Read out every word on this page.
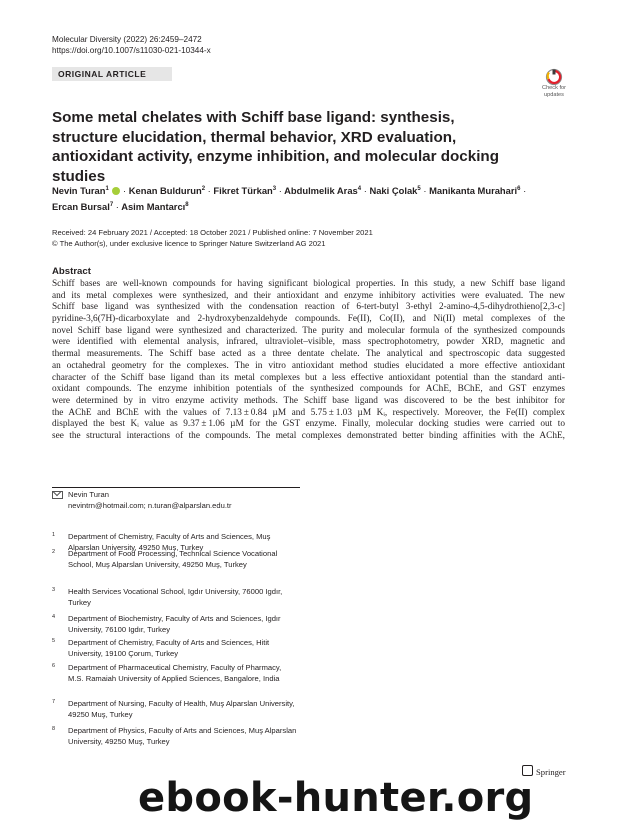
Molecular Diversity (2022) 26:2459–2472
https://doi.org/10.1007/s11030-021-10344-x
ORIGINAL ARTICLE
Check for
updates
Some metal chelates with Schiff base ligand: synthesis, structure elucidation, thermal behavior, XRD evaluation, antioxidant activity, enzyme inhibition, and molecular docking studies
Nevin Turan$^1$ · Kenan Buldurun$^2$ · Fikret Türkan$^3$ · Abdulmelik Aras$^4$ · Naki Çolak$^5$ · Manikanta Murahari$^6$ ·
Ercan Bursal$^7$ · Asim Mantarcı$^8$
Received: 24 February 2021 / Accepted: 18 October 2021 / Published online: 7 November 2021
© The Author(s), under exclusive licence to Springer Nature Switzerland AG 2021
Abstract
Schiff bases are well-known compounds for having significant biological properties. In this study, a new Schiff base ligand
and its metal complexes were synthesized, and their antioxidant and enzyme inhibitory activities were evaluated. The new
Schiff base ligand was synthesized with the condensation reaction of 6-tert-butyl 3-ethyl 2-amino-4,5-dihydrothieno[2,3-c]
pyridine-3,6(7H)-dicarboxylate and 2-hydroxybenzaldehyde compounds. Fe(II), Co(II), and Ni(II) metal complexes of the
novel Schiff base ligand were synthesized and characterized. The purity and molecular formula of the synthesized compounds
were identified with elemental analysis, infrared, ultraviolet–visible, mass spectrophotometry, powder XRD, magnetic and
thermal measurements. The Schiff base acted as a three dentate chelate. The analytical and spectroscopic data suggested
an octahedral geometry for the complexes. The in vitro antioxidant method studies elucidated a more effective antioxidant
character of the Schiff base ligand than its metal complexes but a less effective antioxidant potential than the standard anti-
oxidant compounds. The enzyme inhibition potentials of the synthesized compounds for AChE, BChE, and GST enzymes
were determined by in vitro enzyme activity methods. The Schiff base ligand was discovered to be the best inhibitor for
the AChE and BChE with the values of 7.13 ± 0.84 µM and 5.75 ± 1.03 µM Kᵢ, respectively. Moreover, the Fe(II) complex
displayed the best Kᵢ value as 9.37 ± 1.06 µM for the GST enzyme. Finally, molecular docking studies were carried out to
see the structural interactions of the compounds. The metal complexes demonstrated better binding affinities with the AChE,
Nevin Turan
nevintrn@hotmail.com; n.turan@alparslan.edu.tr
1 Department of Chemistry, Faculty of Arts and Sciences, Muş Alparslan University, 49250 Muş, Turkey
2 Department of Food Processing, Technical Science Vocational School, Muş Alparslan University, 49250 Muş, Turkey
3 Health Services Vocational School, Igdır University, 76000 Igdır, Turkey
4 Department of Biochemistry, Faculty of Arts and Sciences, Igdır University, 76100 Igdır, Turkey
5 Department of Chemistry, Faculty of Arts and Sciences, Hitit University, 19100 Çorum, Turkey
6 Department of Pharmaceutical Chemistry, Faculty of Pharmacy, M.S. Ramaiah University of Applied Sciences, Bangalore, India
7 Department of Nursing, Faculty of Health, Muş Alparslan University, 49250 Muş, Turkey
8 Department of Physics, Faculty of Arts and Sciences, Muş Alparslan University, 49250 Muş, Turkey
Springer
ebook-hunter.org
